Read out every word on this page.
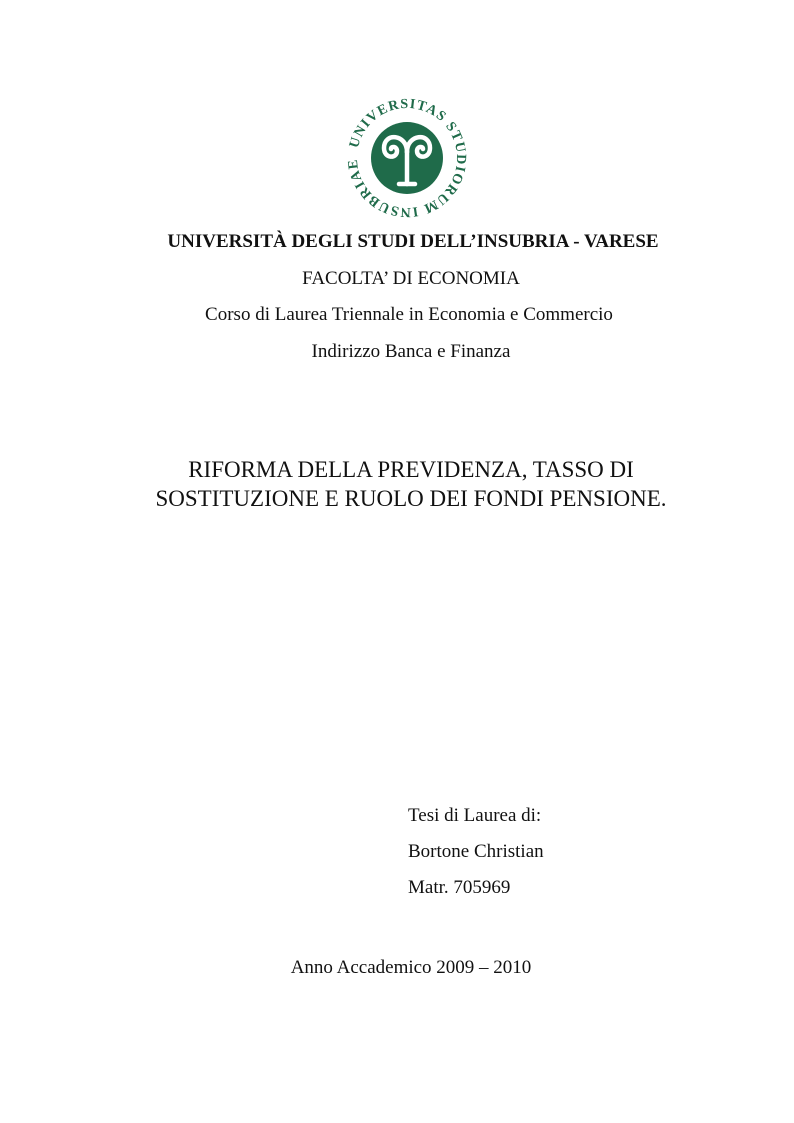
UNIVERSITAS STUDIORUM INSUBRIAE

UNIVERSITÀ DEGLI STUDI DELL’INSUBRIA - VARESE

FACOLTA’ DI ECONOMIA

Corso di Laurea Triennale in Economia e Commercio

Indirizzo Banca e Finanza

RIFORMA DELLA PREVIDENZA, TASSO DI
SOSTITUZIONE E RUOLO DEI FONDI PENSIONE.
Tesi di Laurea di:
Bortone Christian
Matr. 705969

Anno Accademico 2009 – 2010
